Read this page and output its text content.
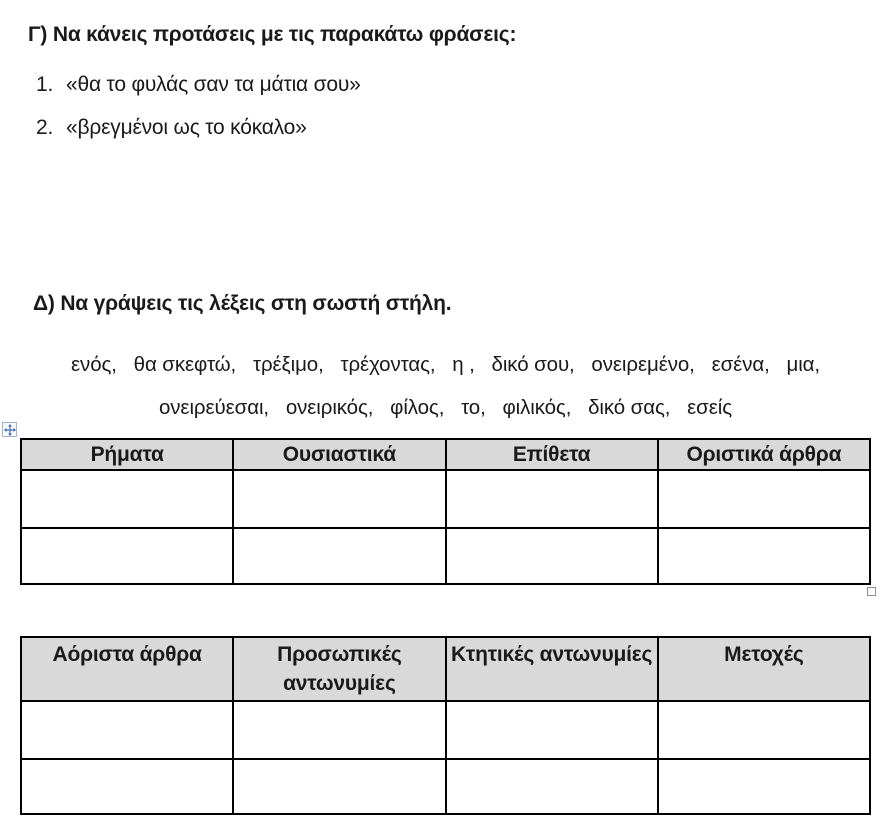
Γ) Να κάνεις προτάσεις με τις παρακάτω φράσεις:
1. «θα το φυλάς σαν τα μάτια σου»
2. «βρεγμένοι ως το κόκαλο»
Δ) Να γράψεις τις λέξεις στη σωστή στήλη.
ενός,   θα σκεφτώ,   τρέξιμο,   τρέχοντας,   η ,   δικό σου,   ονειρεμένο,   εσένα,   μια,
ονειρεύεσαι,   ονειρικός,   φίλος,   το,   φιλικός,   δικό σας,   εσείς
Ρήματα	Ουσιαστικά	Επίθετα	Οριστικά άρθρα

Αόριστα άρθρα	Προσωπικές αντωνυμίες	Κτητικές αντωνυμίες	Μετοχές
